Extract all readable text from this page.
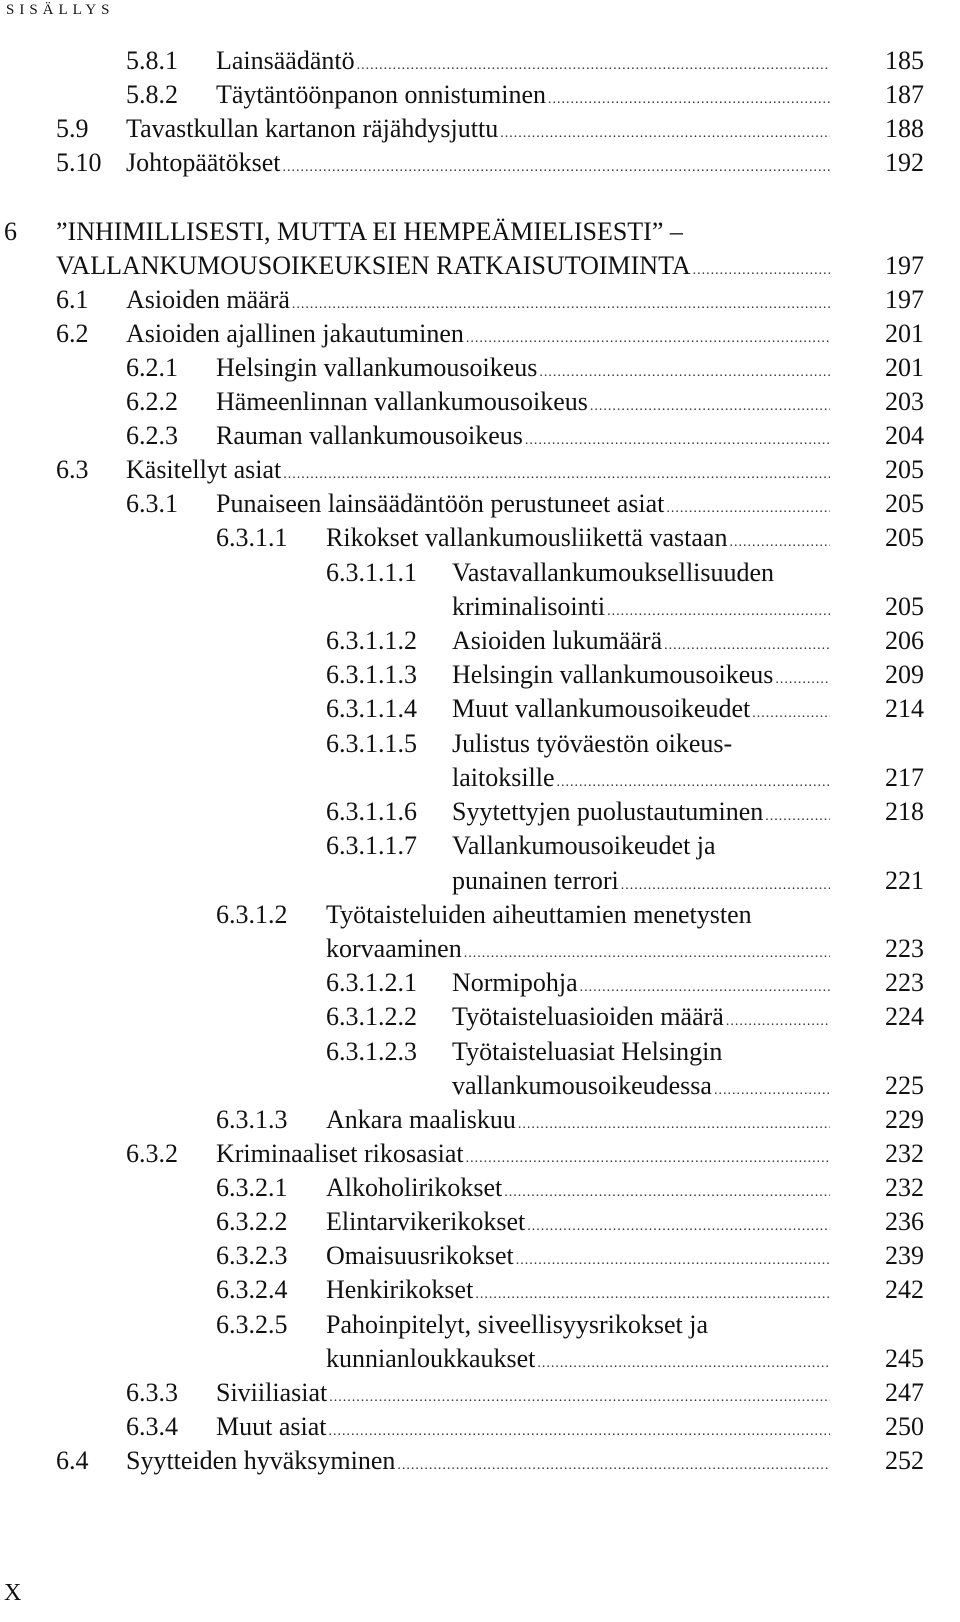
SISÄLLYS
5.8.1 Lainsäädäntö .....	185
5.8.2 Täytäntöönpanon onnistuminen .....	187
5.9 Tavastkullan kartanon räjähdysjuttu .....	188
5.10 Johtopäätökset .....	192
6 ”INHIMILLISESTI, MUTTA EI HEMPEÄMIELISESTI” –
VALLANKUMOUSOIKEUKSIEN RATKAISUTOIMINTA .....	197
6.1 Asioiden määrä .....	197
6.2 Asioiden ajallinen jakautuminen .....	201
6.2.1 Helsingin vallankumousoikeus .....	201
6.2.2 Hämeenlinnan vallankumousoikeus .....	203
6.2.3 Rauman vallankumousoikeus .....	204
6.3 Käsitellyt asiat .....	205
6.3.1 Punaiseen lainsäädäntöön perustuneet asiat .....	205
6.3.1.1 Rikokset vallankumousliikettä vastaan .....	205
6.3.1.1.1 Vastavallankumouksellisuuden
kriminalisointi .....	205
6.3.1.1.2 Asioiden lukumäärä .....	206
6.3.1.1.3 Helsingin vallankumousoikeus .....	209
6.3.1.1.4 Muut vallankumousoikeudet .....	214
6.3.1.1.5 Julistus työväestön oikeus-
laitoksille .....	217
6.3.1.1.6 Syytettyjen puolustautuminen .....	218
6.3.1.1.7 Vallankumousoikeudet ja
punainen terrori .....	221
6.3.1.2 Työtaisteluiden aiheuttamien menetysten
korvaaminen .....	223
6.3.1.2.1 Normipohja .....	223
6.3.1.2.2 Työtaisteluasioiden määrä .....	224
6.3.1.2.3 Työtaisteluasiat Helsingin
vallankumousoikeudessa .....	225
6.3.1.3 Ankara maaliskuu .....	229
6.3.2 Kriminaaliset rikosasiat .....	232
6.3.2.1 Alkoholirikokset .....	232
6.3.2.2 Elintarvikerikokset .....	236
6.3.2.3 Omaisuusrikokset .....	239
6.3.2.4 Henkirikokset .....	242
6.3.2.5 Pahoinpitelyt, siveellisyysrikokset ja
kunnianloukkaukset .....	245
6.3.3 Siviiliasiat .....	247
6.3.4 Muut asiat .....	250
6.4 Syytteiden hyväksyminen .....	252
X
